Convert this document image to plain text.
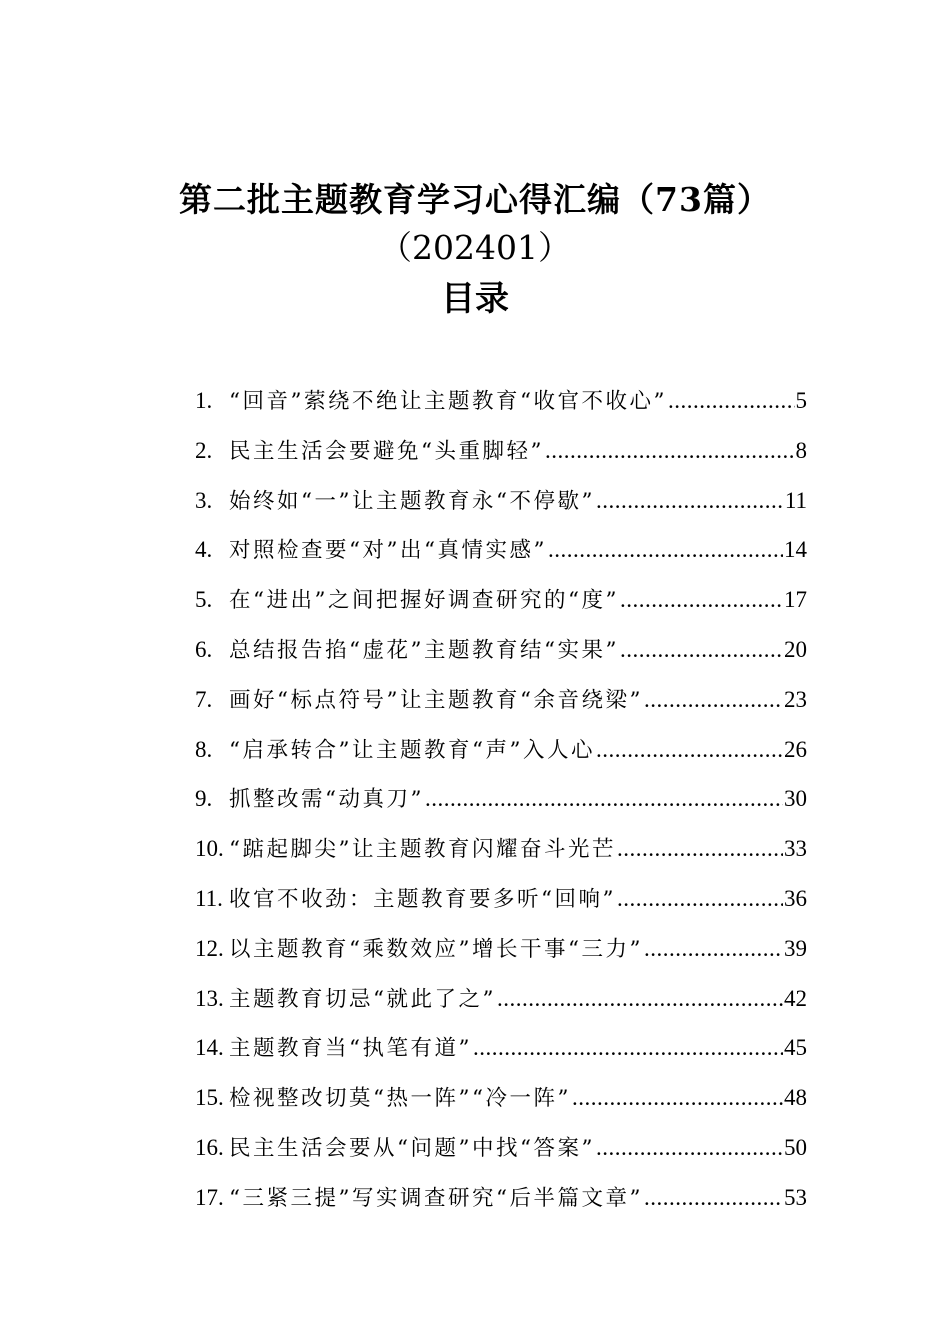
第二批主题教育学习心得汇编（73篇）
（202401）
目录
1. “回音”萦绕不绝让主题教育“收官不收心” .....	5
2. 民主生活会要避免“头重脚轻” .....	8
3. 始终如“一”让主题教育永“不停歇” .....	11
4. 对照检查要“对”出“真情实感” .....	14
5. 在“进出”之间把握好调查研究的“度” .....	17
6. 总结报告掐“虚花”主题教育结“实果” .....	20
7. 画好“标点符号”让主题教育“余音绕梁” .....	23
8. “启承转合”让主题教育“声”入人心 .....	26
9. 抓整改需“动真刀” .....	30
10. “踮起脚尖”让主题教育闪耀奋斗光芒 .....	33
11. 收官不收劲：主题教育要多听“回响” .....	36
12. 以主题教育“乘数效应”增长干事“三力” .....	39
13. 主题教育切忌“就此了之” .....	42
14. 主题教育当“执笔有道” .....	45
15. 检视整改切莫“热一阵”“冷一阵” .....	48
16. 民主生活会要从“问题”中找“答案” .....	50
17. “三紧三提”写实调查研究“后半篇文章” .....	53
